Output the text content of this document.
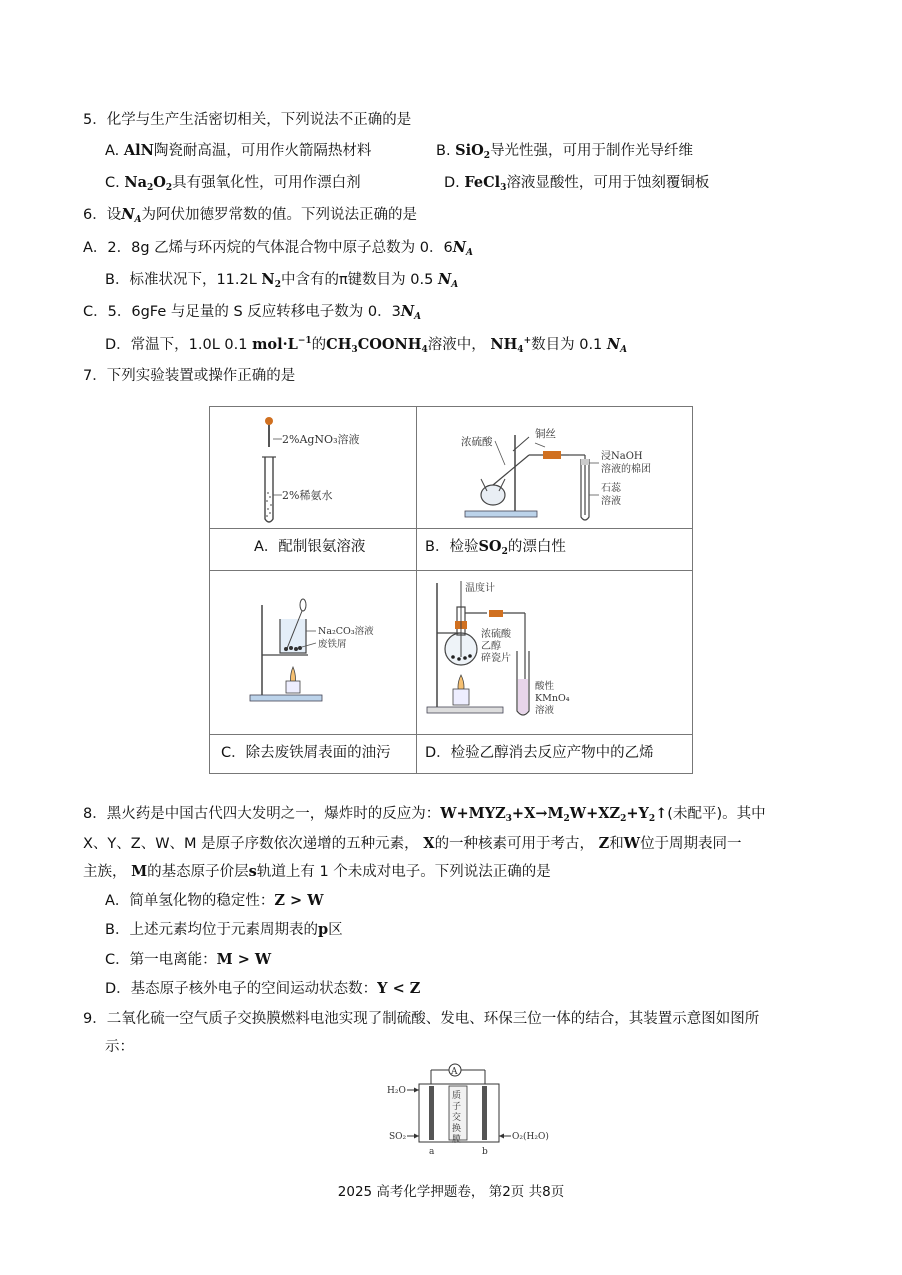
5．化学与生产生活密切相关，下列说法不正确的是
A. AlN陶瓷耐高温，可用作火箭隔热材料	B. SiO$_2$导光性强，可用于制作光导纤维
C. $Na_2O_2$具有强氧化性，可用作漂白剂	D. FeCl$_3$溶液显酸性，可用于蚀刻覆铜板
6．设$N_A$为阿伏加德罗常数的值。下列说法正确的是
A．2．8g 乙烯与环丙烷的气体混合物中原子总数为 0．$6N_A$
B．标准状况下，11.2L $N_2$中含有的π键数目为 0.5 $N_A$
C．5．6gFe 与足量的 S 反应转移电子数为 0．$3N_A$
D．常温下，1.0L 0.1 $mol\cdot L^{-1}$的$CH_3COONH_4$溶液中， $NH_4^+$数目为 0.1 $N_A$
7．下列实验装置或操作正确的是
2%AgNO₃溶液
2%稀氨水
浓硫酸
铜丝
浸NaOH
溶液的棉团
石蕊
溶液
A．配制银氨溶液	B．检验$SO_2$的漂白性
Na₂CO₃溶液
废铁屑
温度计
浓硫酸
乙醇
碎瓷片
酸性
KMnO₄
溶液
C．除去废铁屑表面的油污 D．检验乙醇消去反应产物中的乙烯
8．黑火药是中国古代四大发明之一，爆炸时的反应为：$W+MYZ_3+X\to M_2W+XZ_2+Y_2↑$(未配平)。其中
X、Y、Z、W、M 是原子序数依次递增的五种元素， X的一种核素可用于考古， Z和W位于周期表同一
主族， M的基态原子价层s轨道上有 1 个未成对电子。下列说法正确的是
A．简单氢化物的稳定性：Z > W
B．上述元素均位于元素周期表的p区
C．第一电离能：M > W
D．基态原子核外电子的空间运动状态数：Y < Z
9．二氧化硫一空气质子交换膜燃料电池实现了制硫酸、发电、环保三位一体的结合，其装置示意图如图所
示：
A
质
子
交
换
膜
H₂O
SO₂	O₂(H₂O)
a	b
2025 高考化学押题卷， 第2页 共8页
